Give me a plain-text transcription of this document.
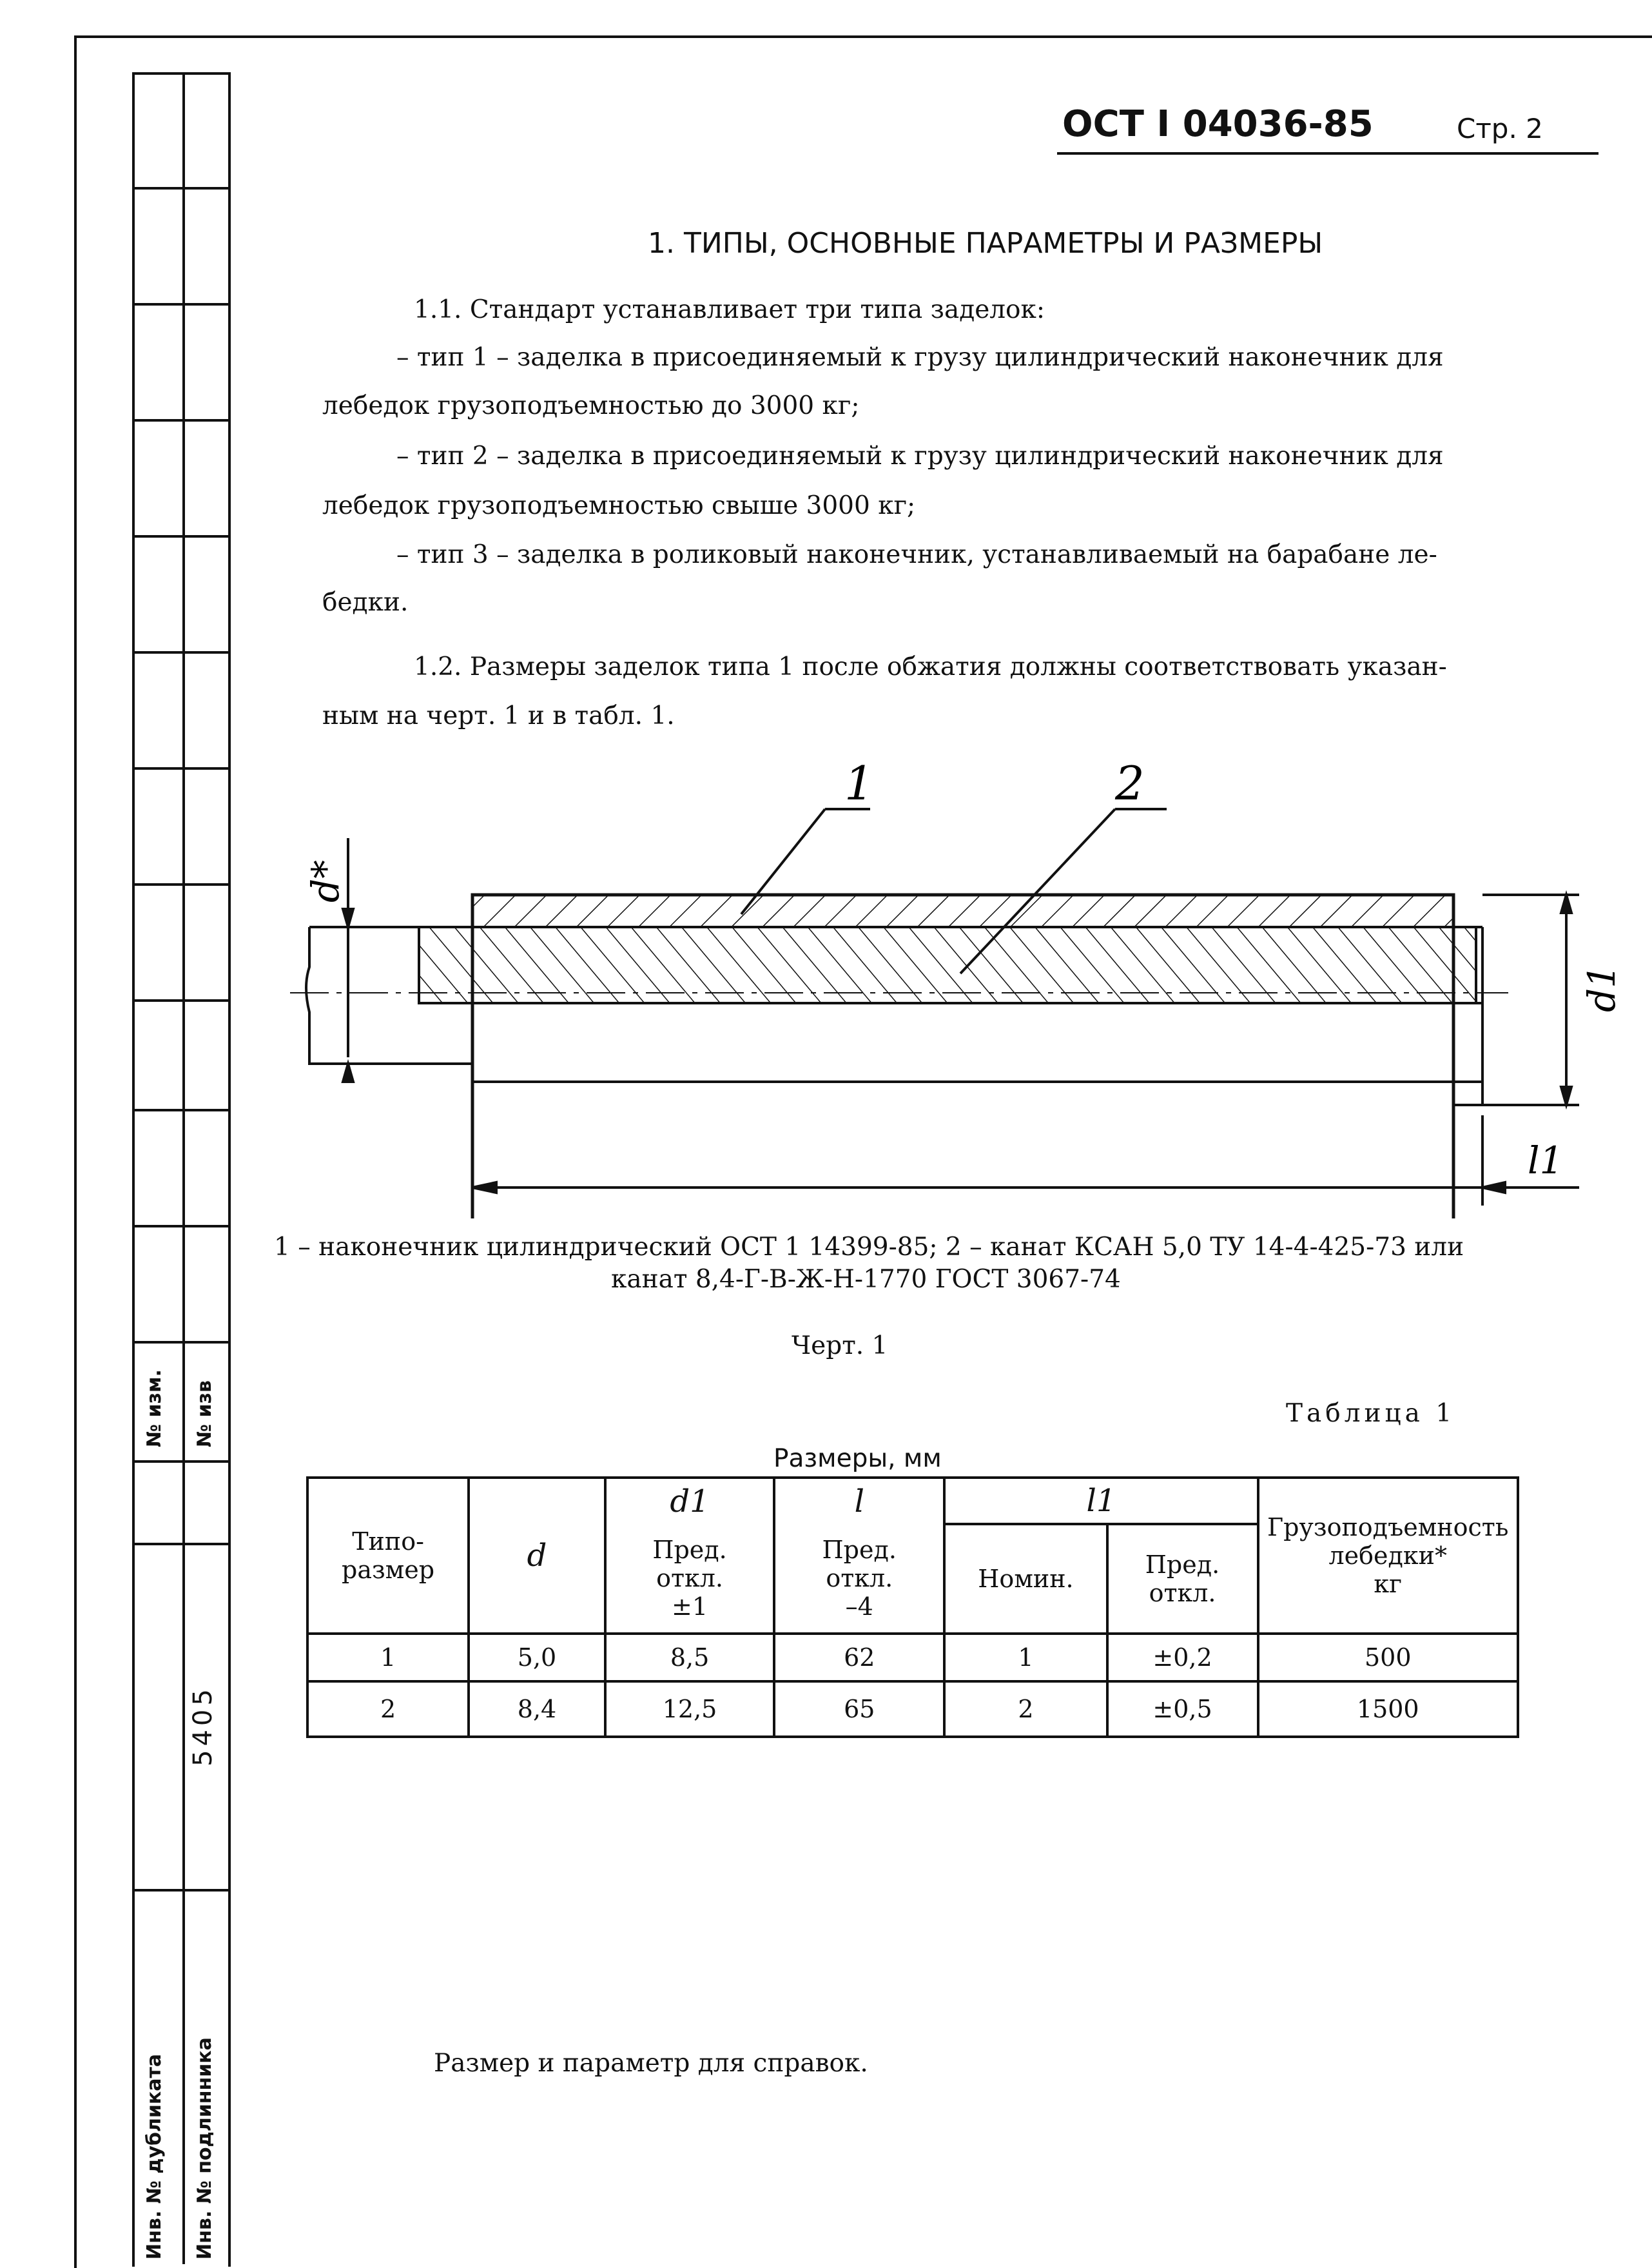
№ изм. № изв
5405
Инв. № дубликата Инв. № подлинника
ОСТ I 04036-85	Стр. 2
1. ТИПЫ, ОСНОВНЫЕ ПАРАМЕТРЫ И РАЗМЕРЫ
1.1. Стандарт устанавливает три типа заделок:
– тип 1 – заделка в присоединяемый к грузу цилиндрический наконечник для
лебедок грузоподъемностью до 3000 кг;
– тип 2 – заделка в присоединяемый к грузу цилиндрический наконечник для
лебедок грузоподъемностью свыше 3000 кг;
– тип 3 – заделка в роликовый наконечник, устанавливаемый на барабане ле-
бедки.
1.2. Размеры заделок типа 1 после обжатия должны соответствовать указан-
ным на черт. 1 и в табл. 1.
1	2
d*
d1
l1
1 – наконечник цилиндрический ОСТ 1 14399-85; 2 – канат КСАН 5,0 ТУ 14-4-425-73 или
канат 8,4-Г-В-Ж-Н-1770 ГОСТ 3067-74
Черт. 1
Таблица 1
Размеры, мм
Типо-
размер	d	d1	l	l1		Грузоподъемность
лебедки*
кг
		Пред.
откл.
±1	Пред.
откл.
–4	Номин.	Пред.
откл.	
1	5,0	8,5	62	1	±0,2	500
2	8,4	12,5	65	2	±0,5	1500
Размер и параметр для справок.
